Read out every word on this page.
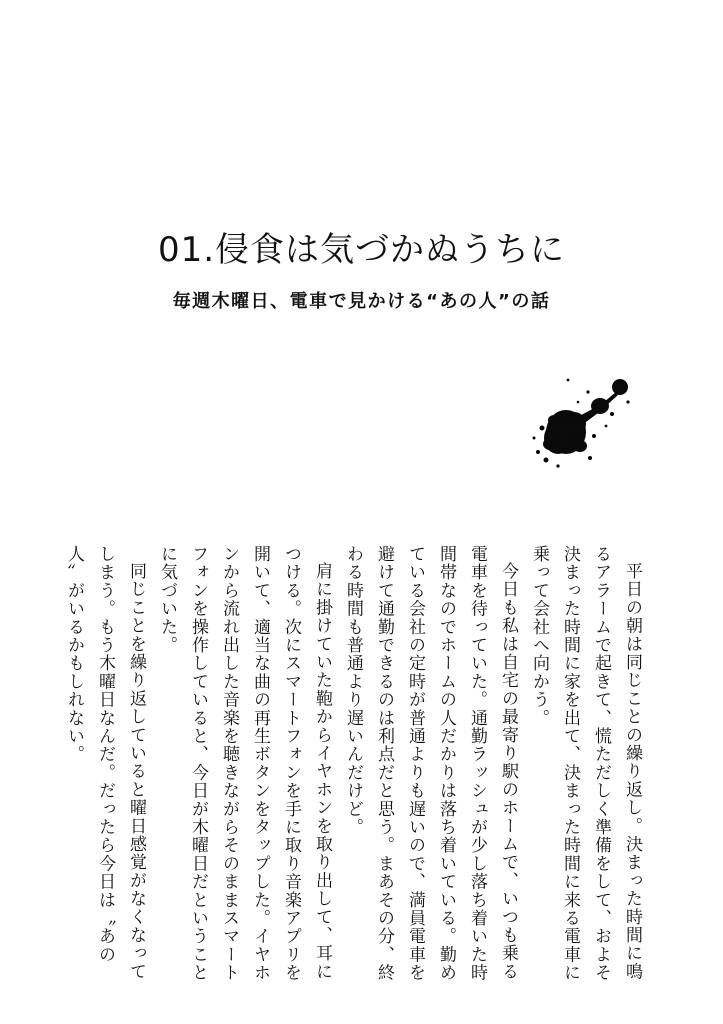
01.侵食は気づかぬうちに
毎週木曜日、電車で見かける“あの人”の話

平日の朝は同じことの繰り返し。決まった時間に鳴るアラームで起きて、慌ただしく準備をして、およそ決まった時間に家を出て、決まった時間に来る電車に乗って会社へ向かう。

今日も私は自宅の最寄り駅のホームで、いつも乗る電車を待っていた。通勤ラッシュが少し落ち着いた時間帯なのでホームの人だかりは落ち着いている。勤めている会社の定時が普通よりも遅いので、満員電車を避けて通勤できるのは利点だと思う。まあその分、終わる時間も普通より遅いんだけど。

肩に掛けていた鞄からイヤホンを取り出して、耳につける。次にスマートフォンを手に取り音楽アプリを開いて、適当な曲の再生ボタンをタップした。イヤホンから流れ出した音楽を聴きながらそのままスマートフォンを操作していると、今日が木曜日だということに気づいた。

同じことを繰り返していると曜日感覚がなくなってしまう。もう木曜日なんだ。だったら今日は〝あの人〟がいるかもしれない。
